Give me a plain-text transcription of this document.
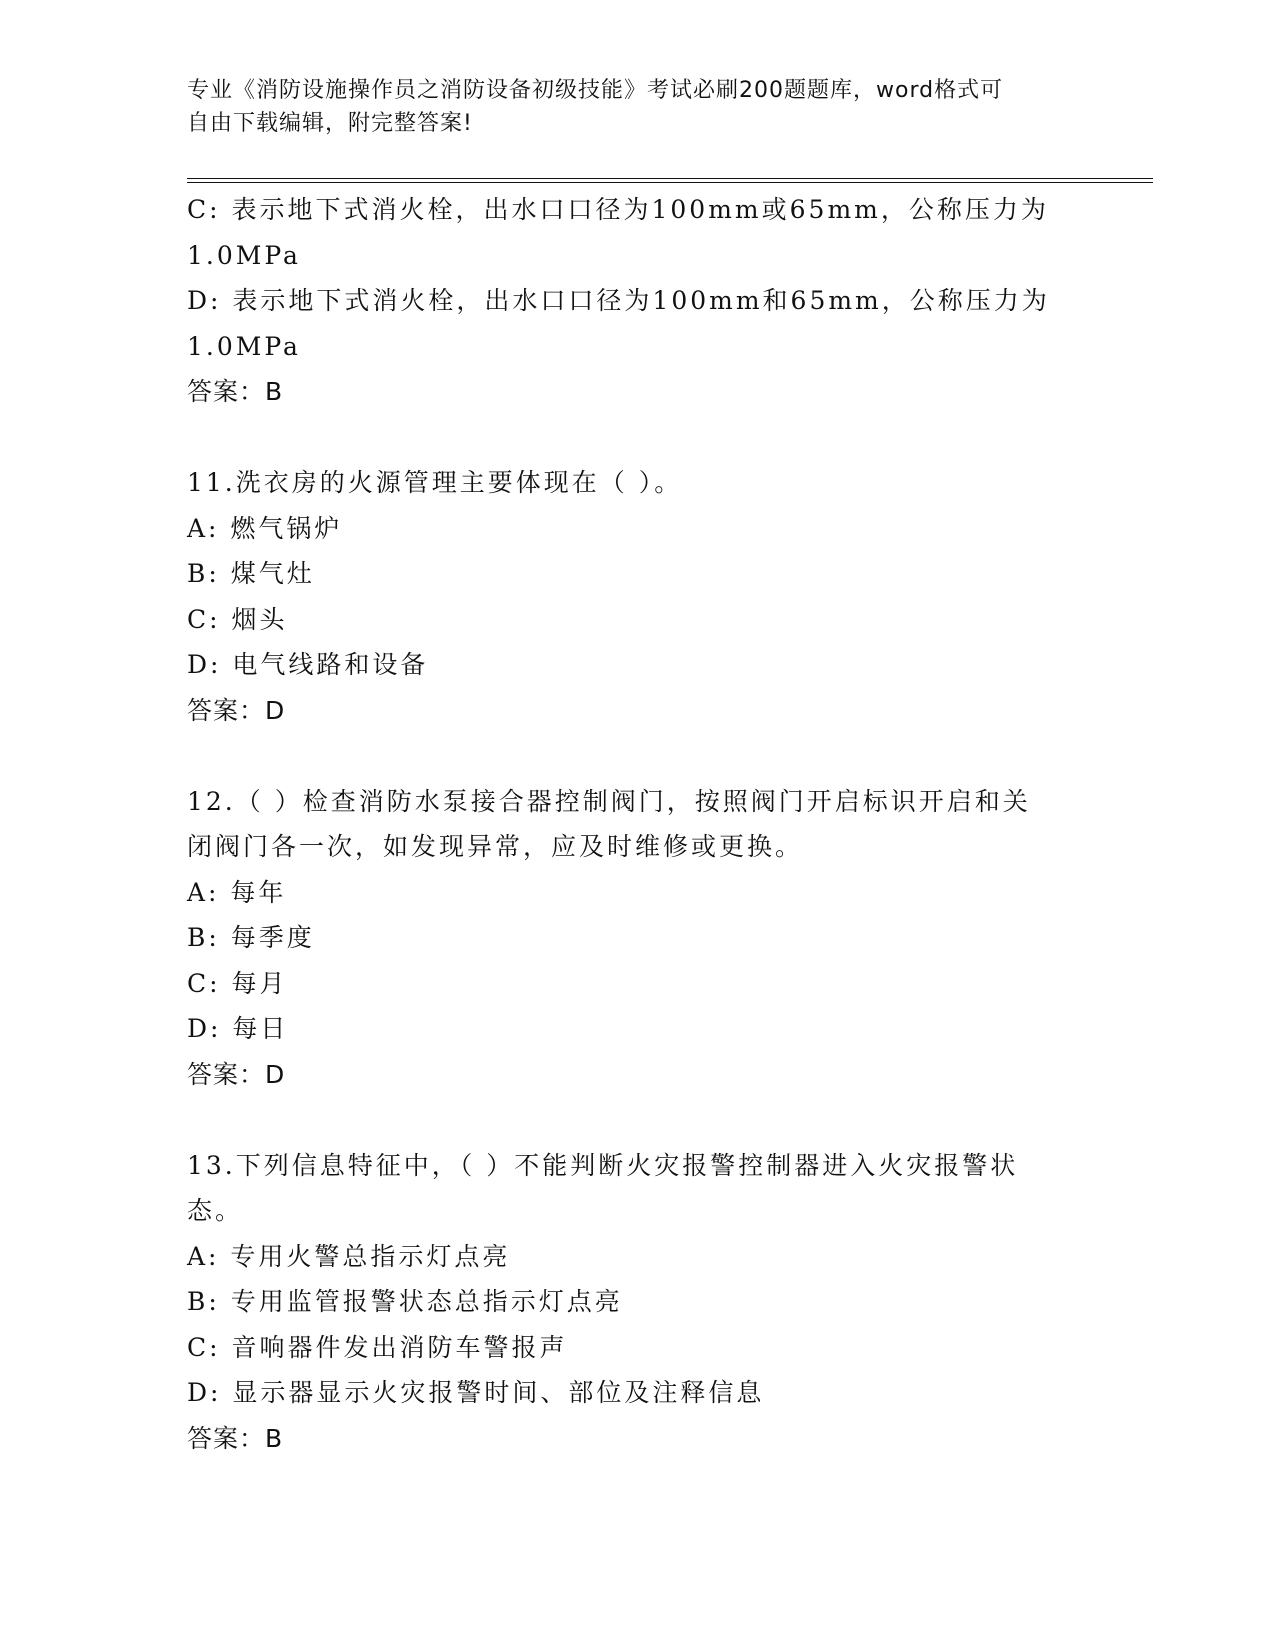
专业《消防设施操作员之消防设备初级技能》考试必刷200题题库，word格式可
自由下载编辑，附完整答案!
C: 表示地下式消火栓，出水口口径为100mm或65mm，公称压力为
1.0MPa
D: 表示地下式消火栓，出水口口径为100mm和65mm，公称压力为
1.0MPa
答案：B
11.洗衣房的火源管理主要体现在（ ）。
A: 燃气锅炉
B: 煤气灶
C: 烟头
D: 电气线路和设备
答案：D
12.（ ）检查消防水泵接合器控制阀门，按照阀门开启标识开启和关
闭阀门各一次，如发现异常，应及时维修或更换。
A: 每年
B: 每季度
C: 每月
D: 每日
答案：D
13.下列信息特征中，（ ）不能判断火灾报警控制器进入火灾报警状
态。
A: 专用火警总指示灯点亮
B: 专用监管报警状态总指示灯点亮
C: 音响器件发出消防车警报声
D: 显示器显示火灾报警时间、部位及注释信息
答案：B
